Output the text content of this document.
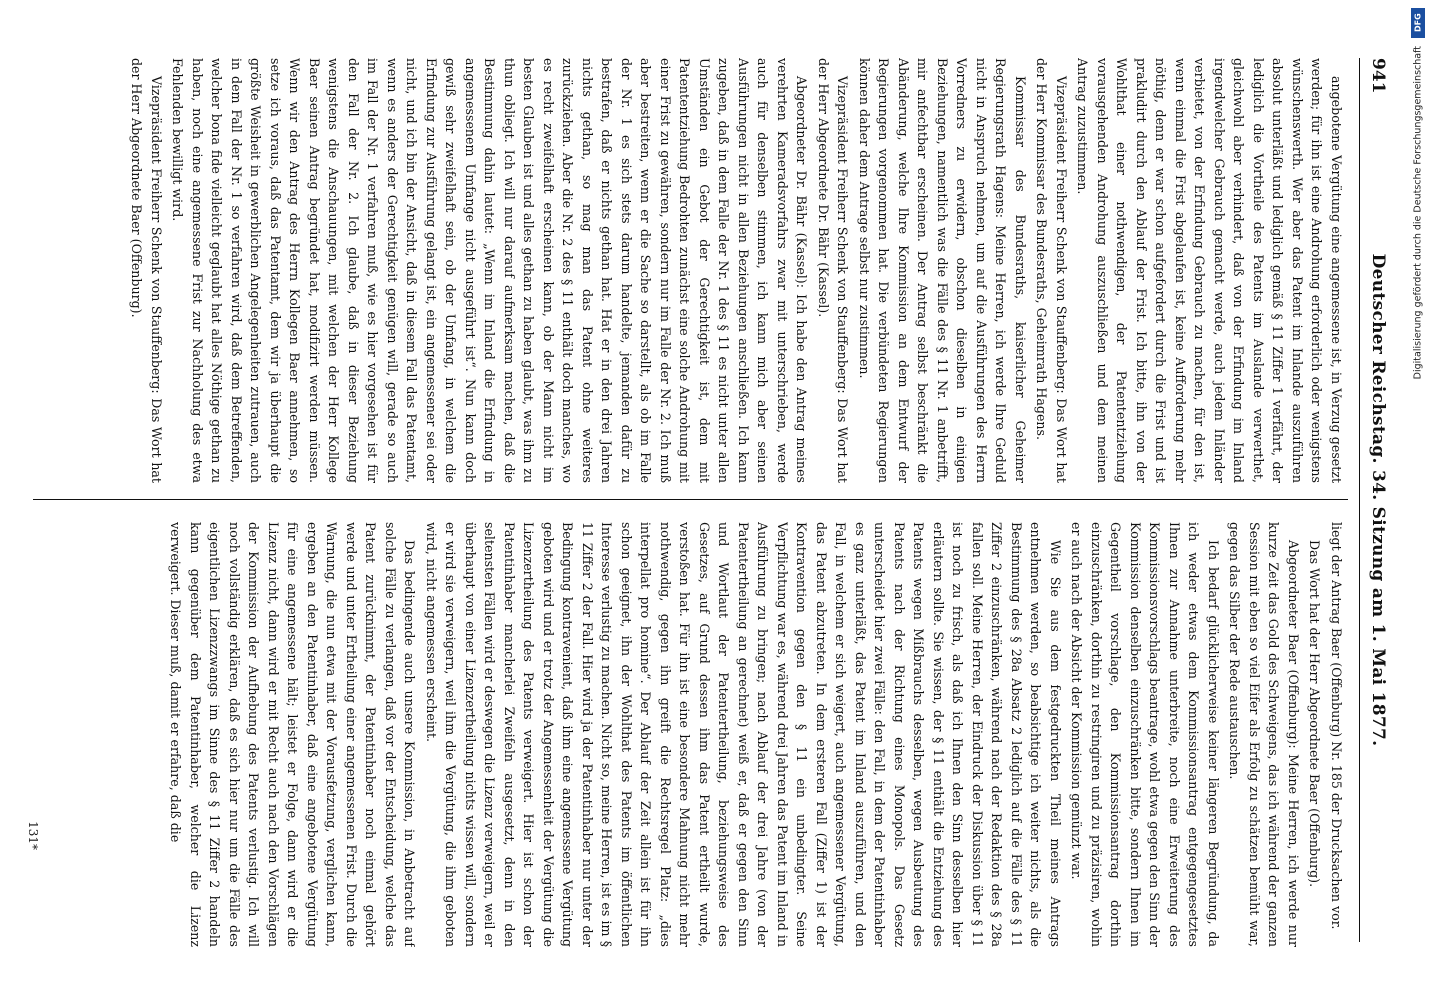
941
Deutscher Reichstag. 34. Sitzung am 1. Mai 1877.

angebotene Vergütung eine angemessene ist, in Verzug gesetzt werden; für ihn ist eine Androhung erforderlich oder wenigstens wünschenswerth. Wer aber das Patent im Inlande auszuführen absolut unterläßt und lediglich gemäß § 11 Ziffer 1 verfährt, der lediglich die Vortheile des Patents im Auslande verwerthet, gleichwohl aber verhindert, daß von der Erfindung im Inland irgendwelcher Gebrauch gemacht werde, auch jedem Inländer verbietet, von der Erfindung Gebrauch zu machen, für den ist, wenn einmal die Frist abgelaufen ist, keine Aufforderung mehr nöthig, denn er war schon aufgefordert durch die Frist und ist prakludirt durch den Ablauf der Frist. Ich bitte, ihn von der Wohlthat einer nothwendigen, der Patententziehung vorausgehenden Androhung auszuschließen und dem meinen Antrag zuzustimmen.

Vizepräsident Freiherr Schenk von Stauffenberg: Das Wort hat der Herr Kommissar des Bundesraths, Geheimrath Hagens.

Kommissar des Bundesraths, kaiserlicher Geheimer Regierungsrath Hagens: Meine Herren, ich werde Ihre Geduld nicht in Anspruch nehmen, um auf die Ausführungen des Herrn Vorredners zu erwidern, obschon dieselben in einigen Beziehungen, namentlich was die Fälle des § 11 Nr. 1 anbetrifft, mir anfechtbar erscheinen. Der Antrag selbst beschränkt die Abänderung, welche Ihre Kommission an dem Entwurf der Regierungen vorgenommen hat. Die verbündeten Regierungen können daher dem Antrage selbst nur zustimmen.

Vizepräsident Freiherr Schenk von Stauffenberg: Das Wort hat der Herr Abgeordnete Dr. Bähr (Kassel).

Abgeordneter Dr. Bähr (Kassel): Ich habe den Antrag meines verehrten Kameradsvorfahrs zwar mit unterschrieben, werde auch für denselben stimmen, ich kann mich aber seinen Ausführungen nicht in allen Beziehungen anschließen. Ich kann zugeben, daß in dem Falle der Nr. 1 des § 11 es nicht unter allen Umständen ein Gebot der Gerechtigkeit ist, dem mit Patententziehung Bedrohten zunächst eine solche Androhung mit einer Frist zu gewähren, sondern nur im Falle der Nr. 2. Ich muß aber bestreiten, wenn er die Sache so darstellt, als ob im Falle der Nr. 1 es sich stets darum handelte, jemanden dafür zu bestrafen, daß er nichts gethan hat. Hat er in den drei Jahren nichts gethan, so mag man das Patent ohne weiteres zurückziehen. Aber die Nr. 2 des § 11 enthält doch manches, wo es recht zweifelhaft erscheinen kann, ob der Mann nicht im besten Glauben ist und alles gethan zu haben glaubt, was ihm zu thun obliegt. Ich will nur darauf aufmerksam machen, daß die Bestimmung dahin lautet: „Wenn im Inland die Erfindung in angemessenem Umfange nicht ausgeführt ist“. Nun kann doch gewiß sehr zweifelhaft sein, ob der Umfang, in welchem die Erfindung zur Ausführung gelangt ist, ein angemessener sei oder nicht, und ich bin der Ansicht, daß in diesem Fall das Patentamt, wenn es anders der Gerechtigkeit genügen will, gerade so auch im Fall der Nr. 1 verfahren muß, wie es hier vorgesehen ist für den Fall der Nr. 2. Ich glaube, daß in dieser Beziehung wenigstens die Anschauungen, mit welchen der Herr Kollege Baer seinen Antrag begründet hat, modifizirt werden müssen. Wenn wir den Antrag des Herrn Kollegen Baer annehmen, so setze ich voraus, daß das Patentamt, dem wir ja überhaupt die größte Weisheit in gewerblichen Angelegenheiten zutrauen, auch in dem Fall der Nr. 1 so verfahren wird, daß dem Betreffenden, welcher bona fide vielleicht geglaubt hat alles Nöthige gethan zu haben, noch eine angemessene Frist zur Nachholung des etwa Fehlenden bewilligt wird.

Vizepräsident Freiherr Schenk von Stauffenberg: Das Wort hat der Herr Abgeordnete Baer (Offenburg).

liegt der Antrag Baer (Offenburg) Nr. 185 der Drucksachen vor.

Das Wort hat der Herr Abgeordnete Baer (Offenburg).

Abgeordneter Baer (Offenburg): Meine Herren, ich werde nur kurze Zeit das Gold des Schweigens, das ich während der ganzen Session mit eben so viel Eifer als Erfolg zu schätzen bemüht war, gegen das Silber der Rede austauschen.

Ich bedarf glücklicherweise keiner längeren Begründung, da ich weder etwas dem Kommissionsantrag entgegengesetztes Ihnen zur Annahme unterbreite, noch eine Erweiterung des Kommissionsvorschlags beantrage, wohl etwa gegen den Sinn der Kommission denselben einzuschränken bitte, sondern Ihnen im Gegentheil vorschlage, den Kommissionsantrag dorthin einzuschränken, dorthin zu restringiren und zu präzisiren, wohin er auch nach der Absicht der Kommission gemünzt war.

Wie Sie aus dem festgedruckten Theil meines Antrags entnehmen werden, so beabsichtige ich weiter nichts, als die Bestimmung des § 28a Absatz 2 lediglich auf die Fälle des § 11 Ziffer 2 einzuschränken, während nach der Redaktion des § 28a fallen soll. Meine Herren, der Eindruck der Diskussion über § 11 ist noch zu frisch, als daß ich Ihnen den Sinn desselben hier erläutern sollte. Sie wissen, der § 11 enthält die Entziehung des Patents wegen Mißbrauchs desselben, wegen Ausbeutung des Patents nach der Richtung eines Monopols. Das Gesetz unterscheidet hier zwei Fälle: den Fall, in dem der Patentinhaber es ganz unterläßt, das Patent im Inland auszuführen, und den Fall, in welchem er sich weigert, auch angemessener Vergütung, das Patent abzutreten. In dem ersteren Fall (Ziffer 1) ist der Kontravention gegen den § 11 ein unbedingter. Seine Verpflichtung war es, während drei Jahren das Patent im Inland in Ausführung zu bringen; nach Ablauf der drei Jahre (von der Patentertheilung an gerechnet) weiß er, daß er gegen den Sinn und Wortlaut der Patentertheilung, beziehungsweise des Gesetzes, auf Grund dessen ihm das Patent ertheilt wurde, verstoßen hat. Für ihn ist eine besondere Mahnung nicht mehr nothwendig, gegen ihn greift die Rechtsregel Platz: „dies interpellat pro homine“. Der Ablauf der Zeit allein ist für ihn schon geeignet, ihn der Wohlthat des Patents im öffentlichen Interesse verlustig zu machen. Nicht so, meine Herren, ist es im § 11 Ziffer 2 der Fall. Hier wird ja der Patentinhaber nur unter der Bedingung kontravenient, daß ihm eine angemessene Vergütung geboten wird und er trotz der Angemessenheit der Vergütung die Lizenzertheilung des Patents verweigert. Hier ist schon der Patentinhaber mancherlei Zweifeln ausgesetzt, denn in den seltensten Fällen wird er deswegen die Lizenz verweigern, weil er überhaupt von einer Lizenzertheilung nichts wissen will, sondern er wird sie verweigern, weil ihm die Vergütung, die ihm geboten wird, nicht angemessen erscheint.

Das bedingende auch unsere Kommission, in Anbetracht auf solche Fälle zu verlangen, daß vor der Entscheidung, welche das Patent zurücknimmt, der Patentinhaber noch einmal gehört werde und unter Ertheilung einer angemessenen Frist. Durch die Warnung, die nun etwa mit der Vorausfetzung, verglichen kann, ergeben an den Patentinhaber, daß eine angebotene Vergütung für eine angemessene hält; leistet er Folge, dann wird er die Lizenz nicht, dann wird er mit Recht auch nach den Vorschlägen der Kommission der Aufhebung des Patents verlustig. Ich will noch vollständig erklären, daß es sich hier nur um die Fälle des eigentlichen Lizenzzwangs im Sinne des § 11 Ziffer 2 handeln kann gegenüber dem Patentinhaber, welcher die Lizenz verweigert. Dieser muß, damit er erfahre, daß die

131*
DFG
Digitalisierung gefördert durch die Deutsche Forschungsgemeinschaft
